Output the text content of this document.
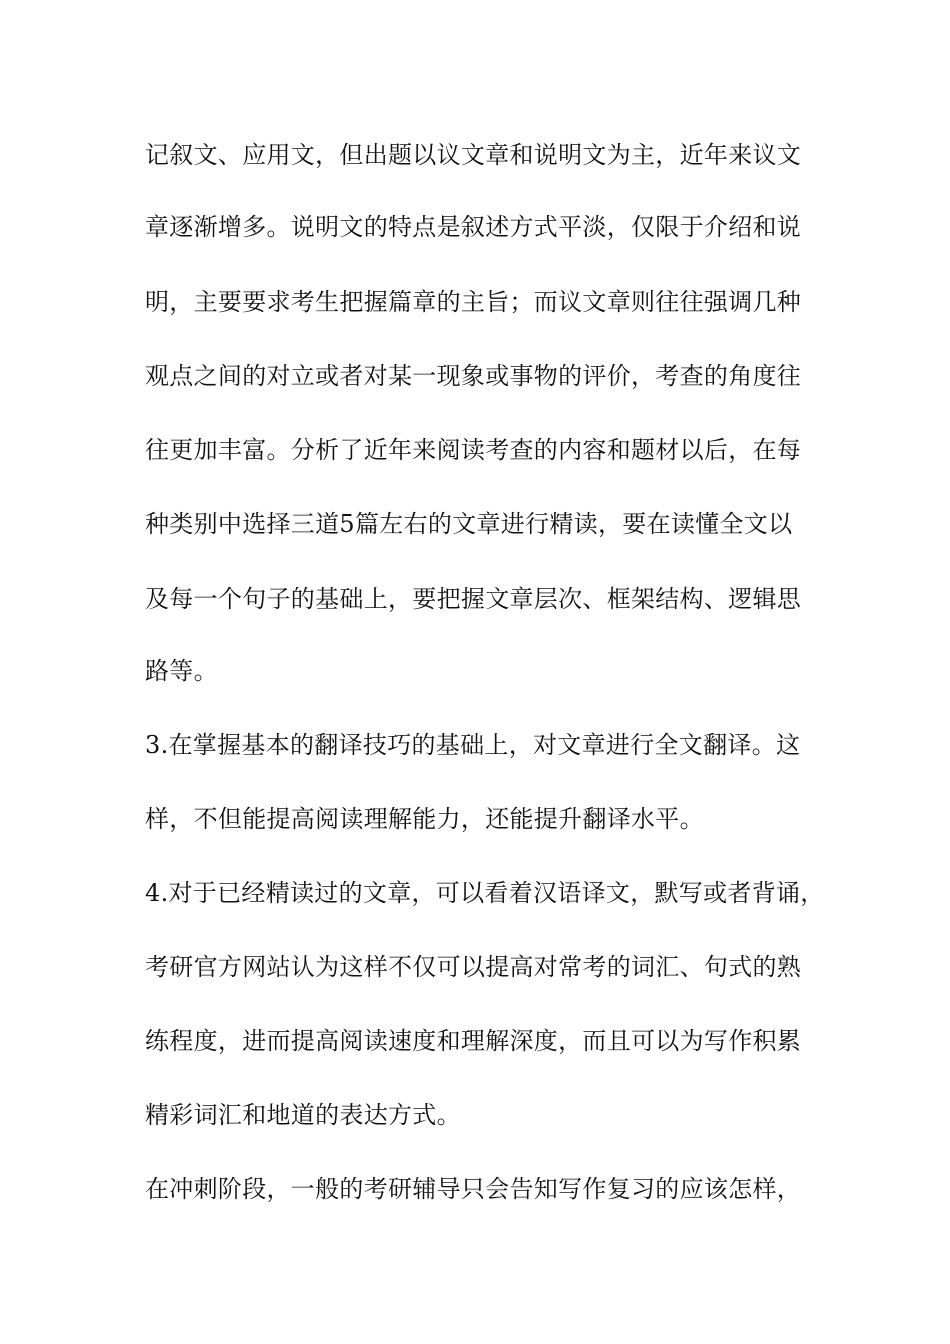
记叙文、应用文，但出题以议文章和说明文为主，近年来议文
章逐渐增多。说明文的特点是叙述方式平淡，仅限于介绍和说
明，主要要求考生把握篇章的主旨；而议文章则往往强调几种
观点之间的对立或者对某一现象或事物的评价，考查的角度往
往更加丰富。分析了近年来阅读考查的内容和题材以后，在每
种类别中选择三道5篇左右的文章进行精读，要在读懂全文以
及每一个句子的基础上，要把握文章层次、框架结构、逻辑思
路等。
3.在掌握基本的翻译技巧的基础上，对文章进行全文翻译。这
样，不但能提高阅读理解能力，还能提升翻译水平。
4.对于已经精读过的文章，可以看着汉语译文，默写或者背诵，
考研官方网站认为这样不仅可以提高对常考的词汇、句式的熟
练程度，进而提高阅读速度和理解深度，而且可以为写作积累
精彩词汇和地道的表达方式。
在冲刺阶段，一般的考研辅导只会告知写作复习的应该怎样，
